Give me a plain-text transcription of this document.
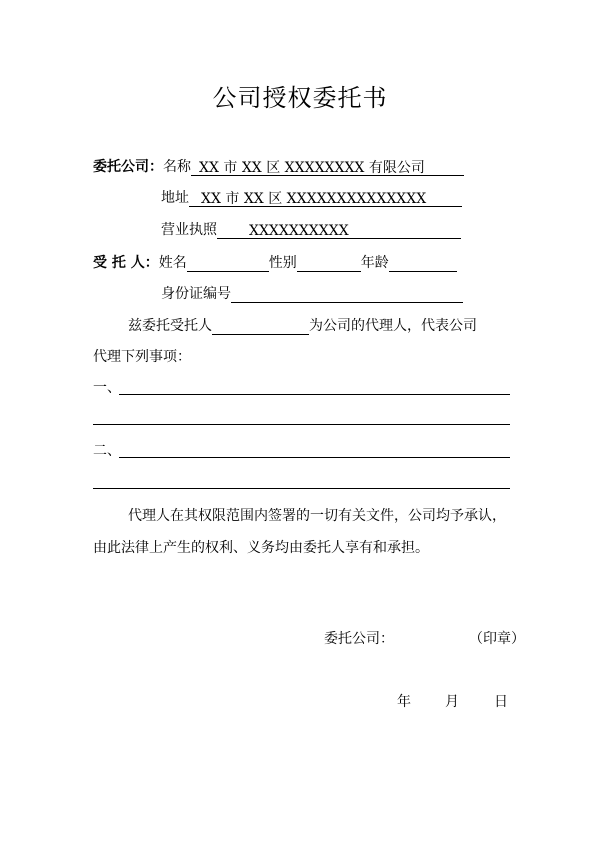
公司授权委托书
委托公司：名称 XX 市 XX 区 XXXXXXXX 有限公司
地址 XX 市 XX 区 XXXXXXXXXXXXXX
营业执照 XXXXXXXXXX
受 托 人：姓名	性别	年龄
身份证编号
兹委托受托人	为公司的代理人，代表公司
代理下列事项：
一、
二、
代理人在其权限范围内签署的一切有关文件，公司均予承认，
由此法律上产生的权利、义务均由委托人享有和承担。
委托公司：	（印章）
年 月	日
